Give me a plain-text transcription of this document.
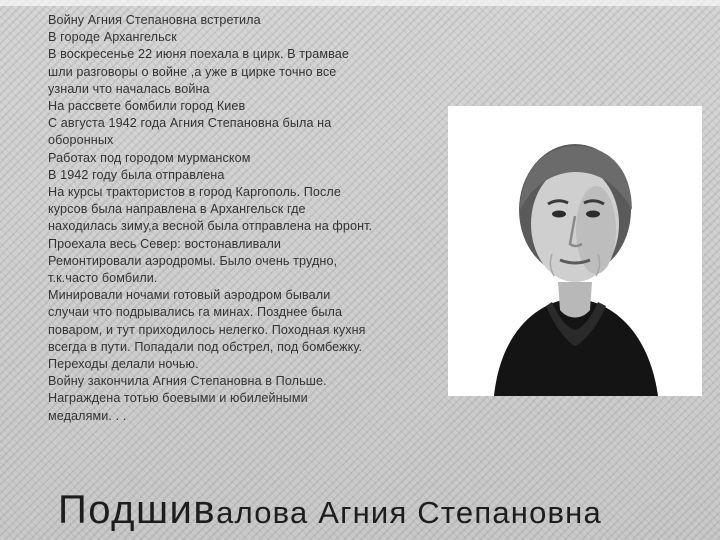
Войну Агния Степановна встретила
В городе Архангельск
В воскресенье 22 июня поехала в цирк. В трамвае
шли разговоры о войне ,а уже в цирке точно все
узнали что началась война
На рассвете бомбили город Киев
С августа 1942 года Агния Степановна была на
оборонных
Работах под городом мурманском
В 1942 году была отправлена
На курсы трактористов в город Каргополь. После
курсов была направлена в Архангельск где
находилась зиму,а весной была отправлена на фронт.
Проехала весь Север: востонавливали
Ремонтировали аэродромы. Было очень трудно,
т.к.часто бомбили.
Минировали ночами готовый аэродром бывали
случаи что подрывались га минах. Позднее была
поваром, и тут приходилось нелегко. Походная кухня
всегда в пути. Попадали под обстрел, под бомбежку.
Переходы делали ночью.
Войну закончила Агния Степановна в Польше.
Награждена тотью боевыми и юбилейными
медалями. . .
Подшивалова Агния Степановна
